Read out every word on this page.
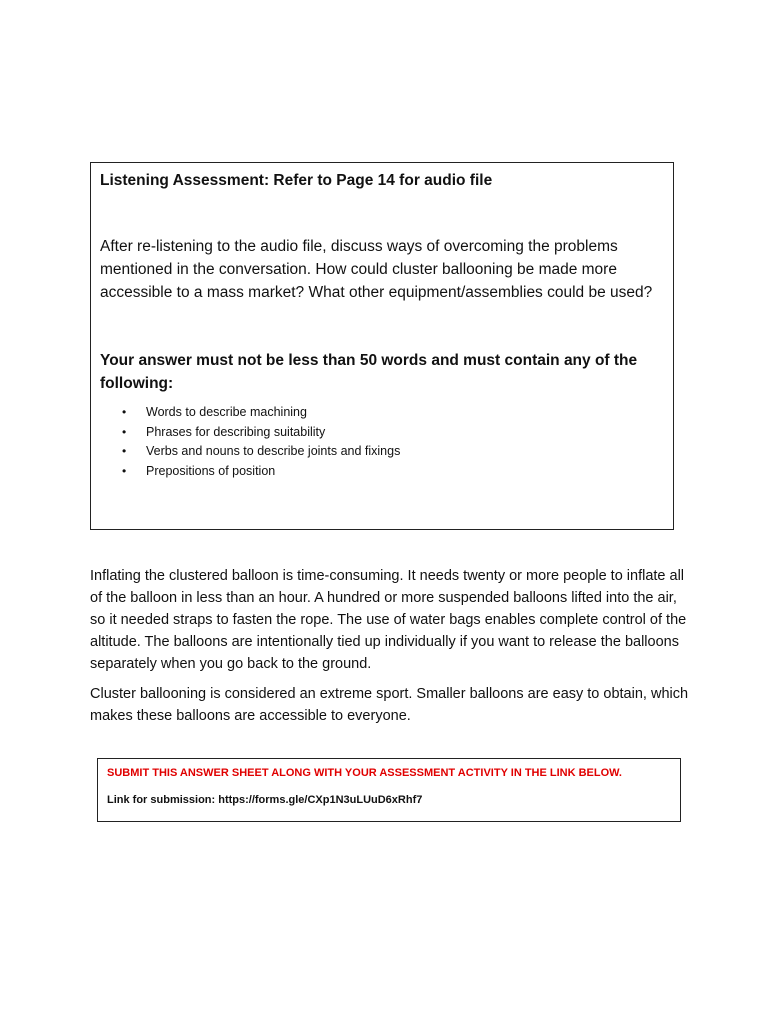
Listening Assessment: Refer to Page 14 for audio file

After re-listening to the audio file, discuss ways of overcoming the problems mentioned in the conversation. How could cluster ballooning be made more accessible to a mass market? What other equipment/assemblies could be used?

Your answer must not be less than 50 words and must contain any of the following:

• Words to describe machining
• Phrases for describing suitability
• Verbs and nouns to describe joints and fixings
• Prepositions of position

Inflating the clustered balloon is time-consuming. It needs twenty or more people to inflate all of the balloon in less than an hour. A hundred or more suspended balloons lifted into the air, so it needed straps to fasten the rope. The use of water bags enables complete control of the altitude. The balloons are intentionally tied up individually if you want to release the balloons separately when you go back to the ground.

Cluster ballooning is considered an extreme sport. Smaller balloons are easy to obtain, which makes these balloons are accessible to everyone.

SUBMIT THIS ANSWER SHEET ALONG WITH YOUR ASSESSMENT ACTIVITY IN THE LINK BELOW.

Link for submission: https://forms.gle/CXp1N3uLUuD6xRhf7
